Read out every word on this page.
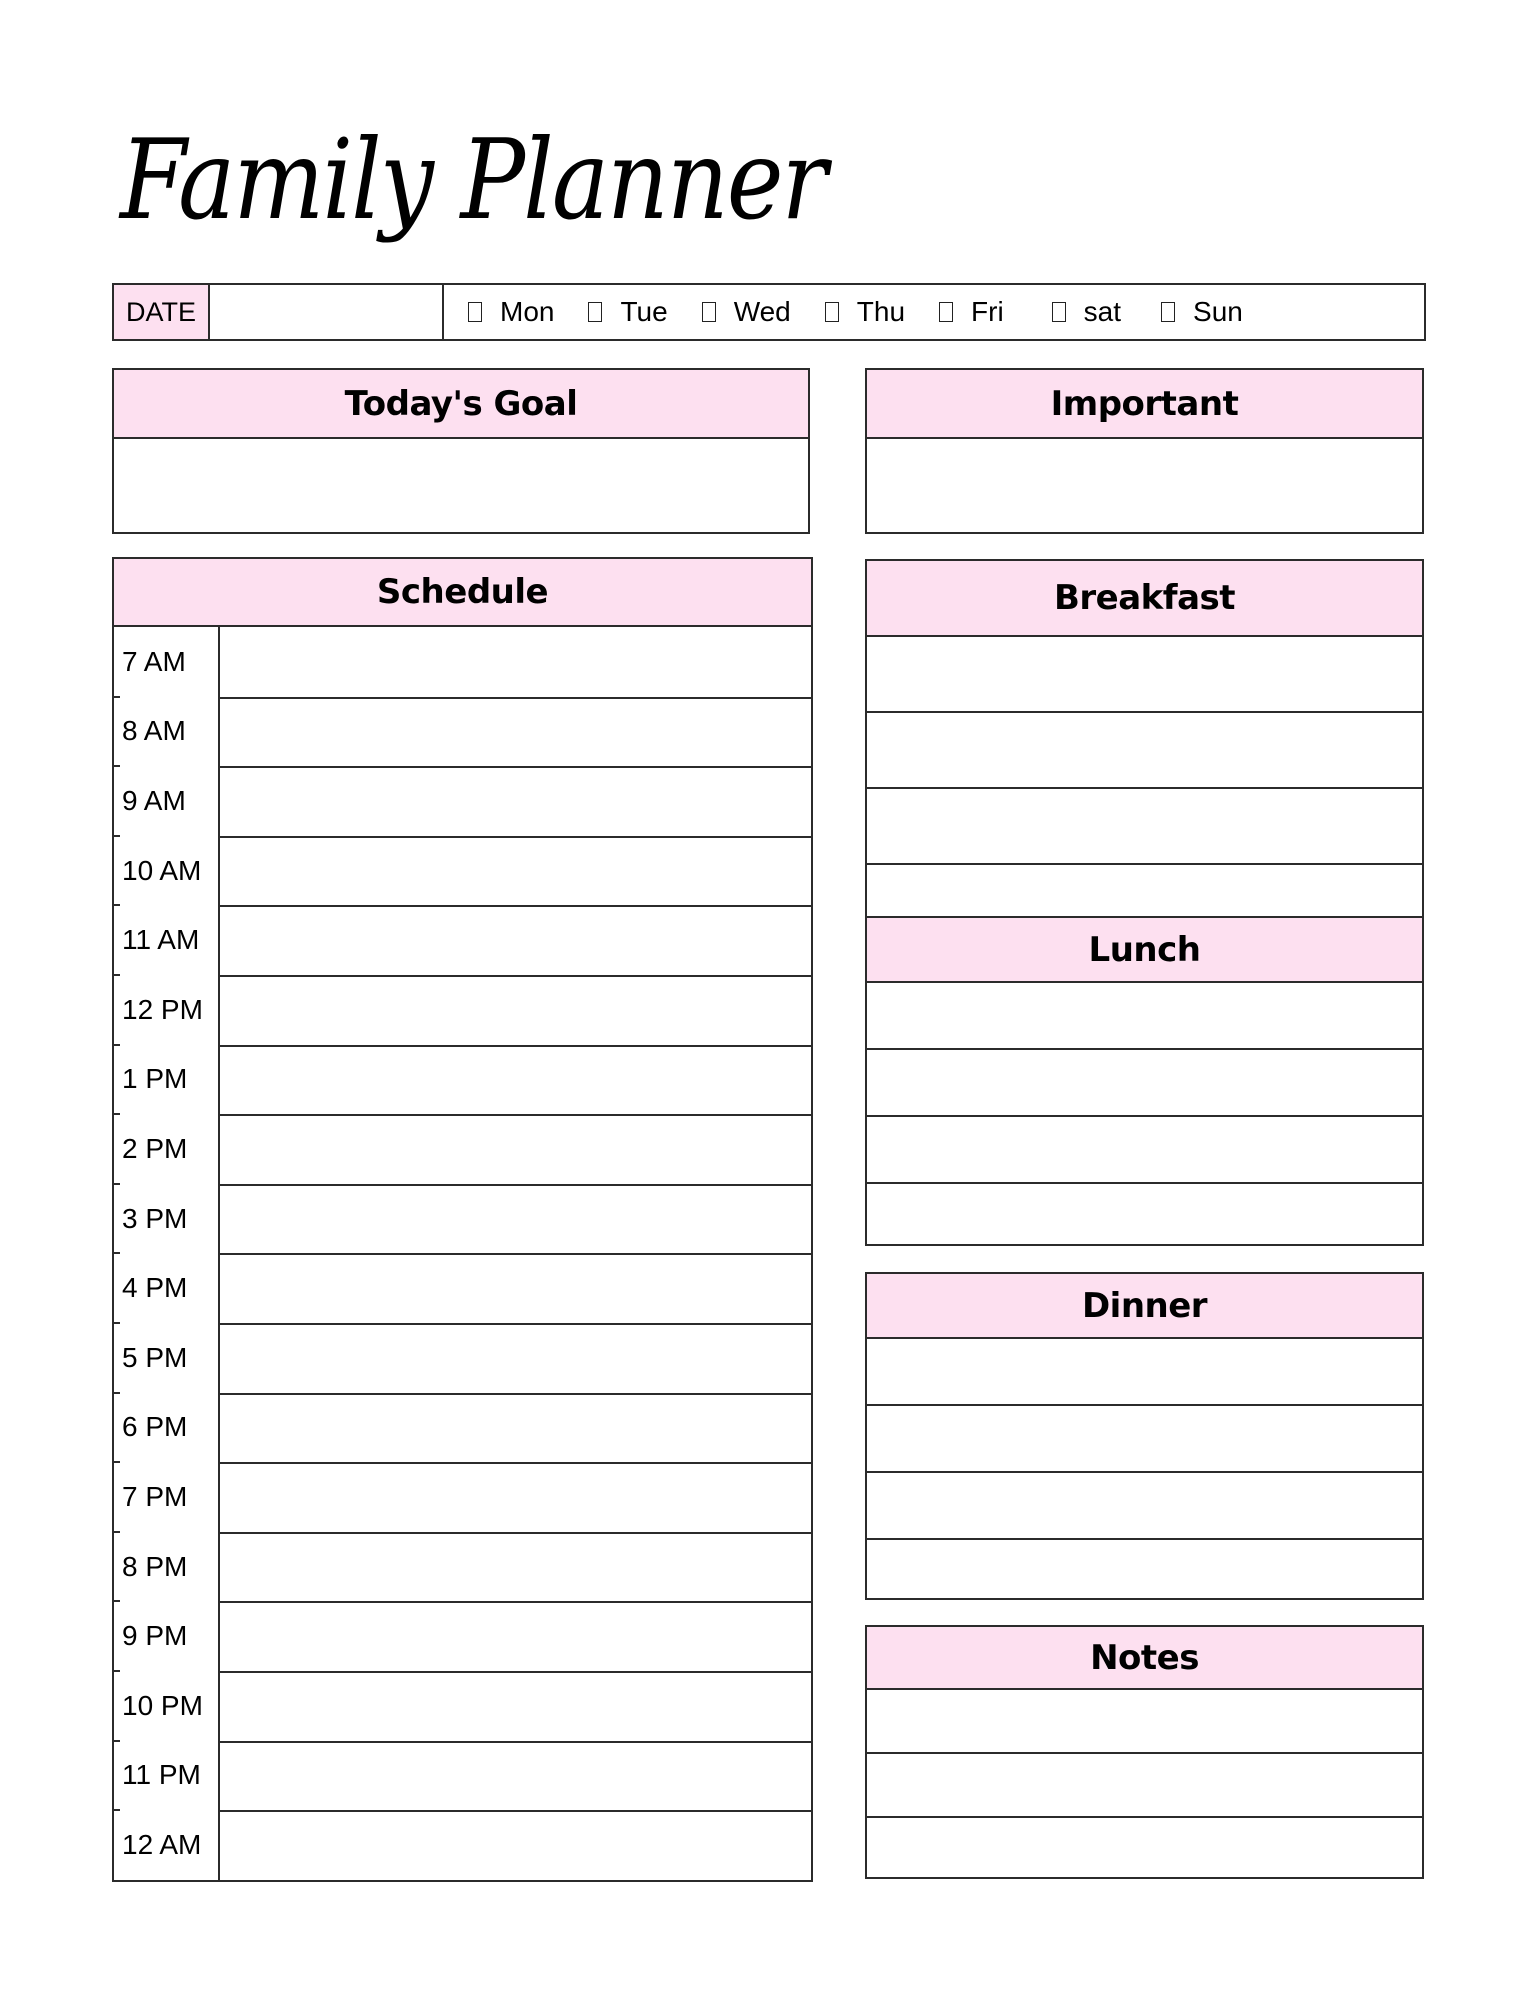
Family Planner
DATE	Mon Tue Wed Thu Fri	sat	Sun
Today's Goal	Important
Schedule
7 AM
8 AM
9 AM
10 AM
11 AM
12 PM
1 PM
2 PM
3 PM
4 PM
5 PM
6 PM
7 PM
8 PM
9 PM
10 PM
11 PM
12 AM
Breakfast
Lunch
Dinner
Notes
